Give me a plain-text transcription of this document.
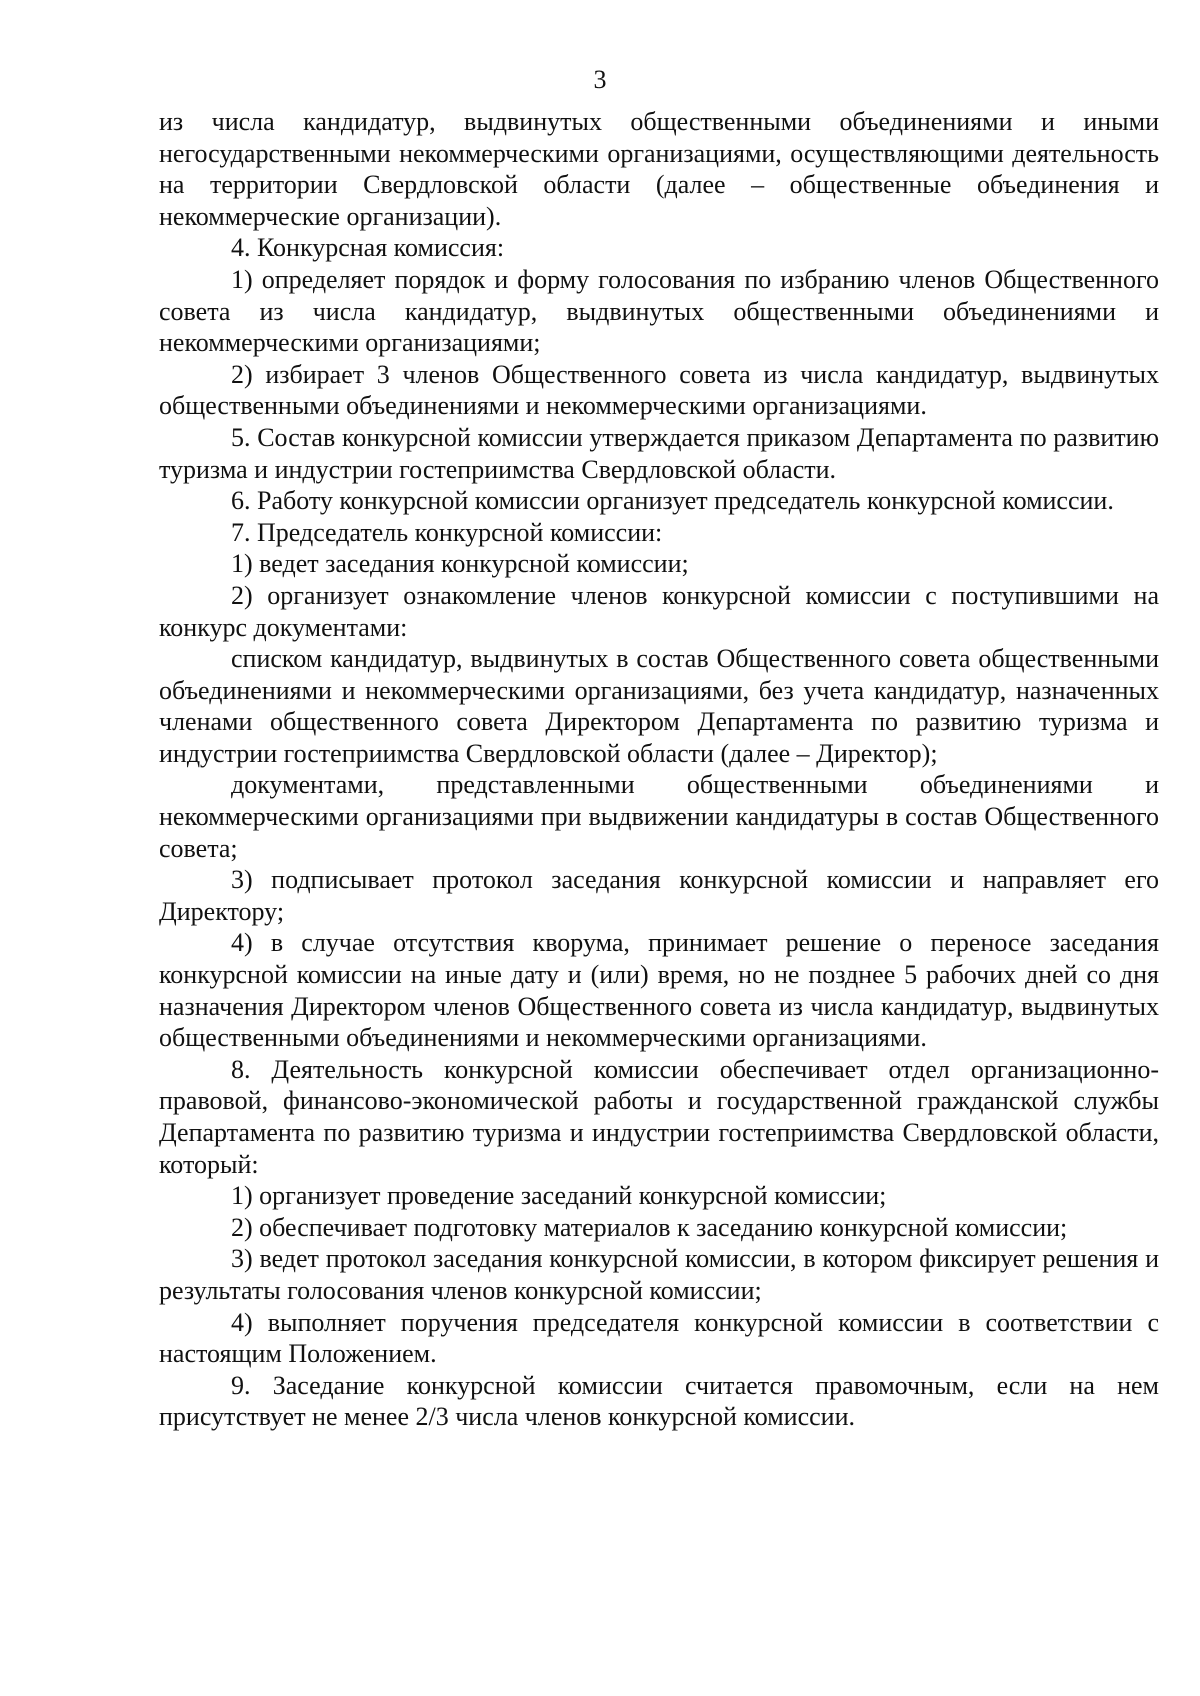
3

из числа кандидатур, выдвинутых общественными объединениями и иными негосударственными некоммерческими организациями, осуществляющими деятельность на территории Свердловской области (далее – общественные объединения и некоммерческие организации).

4. Конкурсная комиссия:

1) определяет порядок и форму голосования по избранию членов Общественного совета из числа кандидатур, выдвинутых общественными объединениями и некоммерческими организациями;

2) избирает 3 членов Общественного совета из числа кандидатур, выдвинутых общественными объединениями и некоммерческими организациями.

5. Состав конкурсной комиссии утверждается приказом Департамента по развитию туризма и индустрии гостеприимства Свердловской области.

6. Работу конкурсной комиссии организует председатель конкурсной комиссии.

7. Председатель конкурсной комиссии:

1) ведет заседания конкурсной комиссии;

2) организует ознакомление членов конкурсной комиссии с поступившими на конкурс документами:

списком кандидатур, выдвинутых в состав Общественного совета общественными объединениями и некоммерческими организациями, без учета кандидатур, назначенных членами общественного совета Директором Департамента по развитию туризма и индустрии гостеприимства Свердловской области (далее – Директор);

документами, представленными общественными объединениями и некоммерческими организациями при выдвижении кандидатуры в состав Общественного совета;

3) подписывает протокол заседания конкурсной комиссии и направляет его Директору;

4) в случае отсутствия кворума, принимает решение о переносе заседания конкурсной комиссии на иные дату и (или) время, но не позднее 5 рабочих дней со дня назначения Директором членов Общественного совета из числа кандидатур, выдвинутых общественными объединениями и некоммерческими организациями.

8. Деятельность конкурсной комиссии обеспечивает отдел организационно-правовой, финансово-экономической работы и государственной гражданской службы Департамента по развитию туризма и индустрии гостеприимства Свердловской области, который:

1) организует проведение заседаний конкурсной комиссии;

2) обеспечивает подготовку материалов к заседанию конкурсной комиссии;

3) ведет протокол заседания конкурсной комиссии, в котором фиксирует решения и результаты голосования членов конкурсной комиссии;

4) выполняет поручения председателя конкурсной комиссии в соответствии с настоящим Положением.

9. Заседание конкурсной комиссии считается правомочным, если на нем присутствует не менее 2/3 числа членов конкурсной комиссии.
